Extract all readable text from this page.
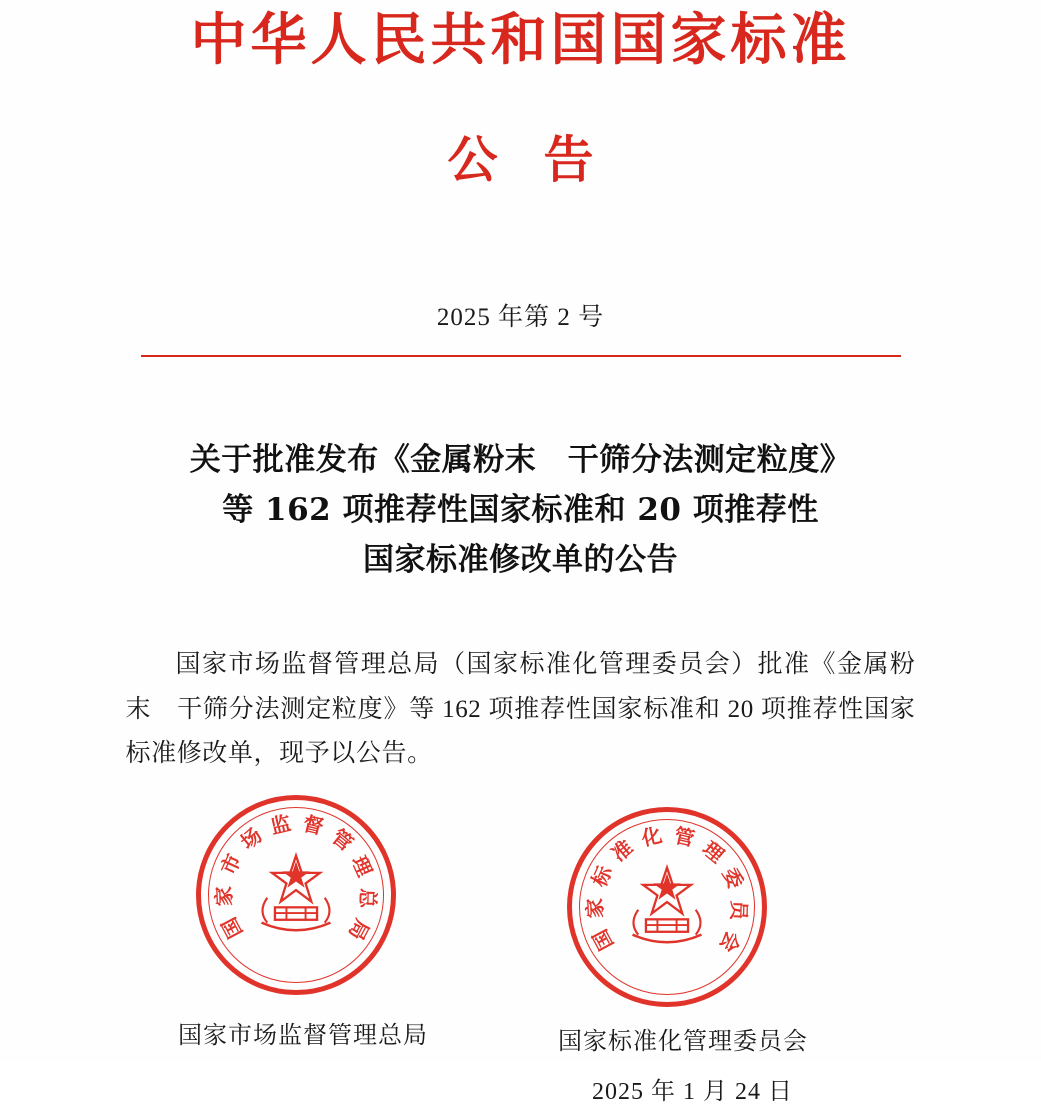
中华人民共和国国家标准
公告
2025 年第 2 号
关于批准发布《金属粉末　干筛分法测定粒度》
等 162 项推荐性国家标准和 20 项推荐性
国家标准修改单的公告
国家市场监督管理总局（国家标准化管理委员会）批准《金属粉末　干筛分法测定粒度》等 162 项推荐性国家标准和 20 项推荐性国家标准修改单，现予以公告。
国
家
市
场 监 督 管
理
总
局	国
家
标
准 化 管 理
委
员
会
国家市场监督管理总局	国家标准化管理委员会
2025 年 1 月 24 日
